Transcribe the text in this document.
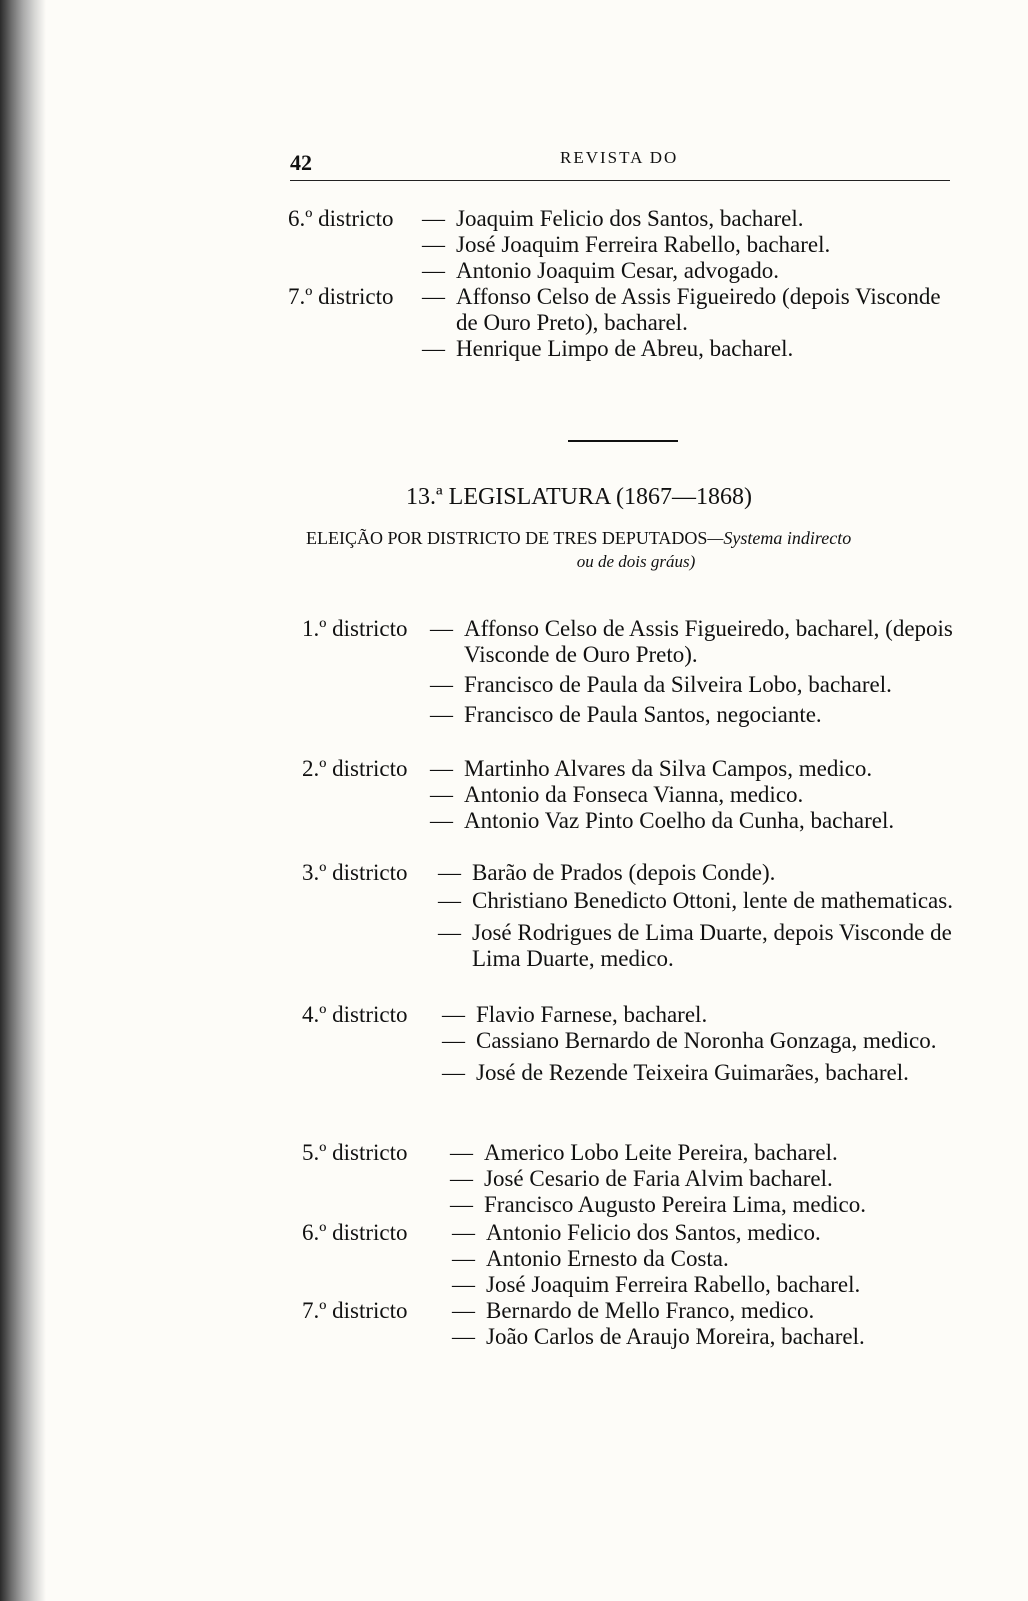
42	REVISTA DO
6.º districto — Joaquim Felicio dos Santos, bacharel.
— José Joaquim Ferreira Rabello, bacharel.
— Antonio Joaquim Cesar, advogado.
7.º districto — Affonso Celso de Assis Figueiredo (depois Visconde de Ouro Preto), bacharel.
— Henrique Limpo de Abreu, bacharel.
13.ª LEGISLATURA (1867—1868)
ELEIÇÃO POR DISTRICTO DE TRES DEPUTADOS—Systema indirecto
ou de dois gráus)
1.º districto — Affonso Celso de Assis Figueiredo, bacharel, (depois Visconde de Ouro Preto).
— Francisco de Paula da Silveira Lobo, bacharel.
— Francisco de Paula Santos, negociante.
2.º districto — Martinho Alvares da Silva Campos, medico.
— Antonio da Fonseca Vianna, medico.
— Antonio Vaz Pinto Coelho da Cunha, bacharel.
3.º districto — Barão de Prados (depois Conde).
— Christiano Benedicto Ottoni, lente de mathematicas.
— José Rodrigues de Lima Duarte, depois Visconde de Lima Duarte, medico.
4.º districto — Flavio Farnese, bacharel.
— Cassiano Bernardo de Noronha Gonzaga, medico.
— José de Rezende Teixeira Guimarães, bacharel.
5.º districto — Americo Lobo Leite Pereira, bacharel.
— José Cesario de Faria Alvim bacharel.
— Francisco Augusto Pereira Lima, medico.
6.º districto — Antonio Felicio dos Santos, medico.
— Antonio Ernesto da Costa.
— José Joaquim Ferreira Rabello, bacharel.
7.º districto — Bernardo de Mello Franco, medico.
— João Carlos de Araujo Moreira, bacharel.
